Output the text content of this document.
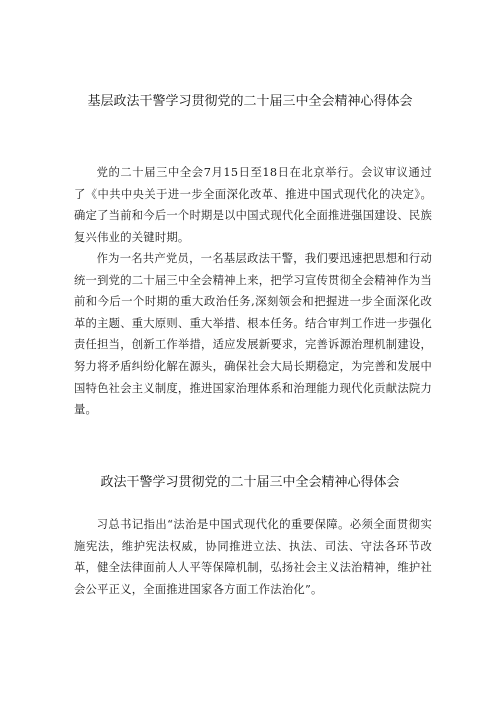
基层政法干警学习贯彻党的二十届三中全会精神心得体会

党的二十届三中全会7月15日至18日在北京举行。会议审议通过了《中共中央关于进一步全面深化改革、推进中国式现代化的决定》。确定了当前和今后一个时期是以中国式现代化全面推进强国建设、民族复兴伟业的关键时期。

作为一名共产党员，一名基层政法干警，我们要迅速把思想和行动统一到党的二十届三中全会精神上来，把学习宣传贯彻全会精神作为当前和今后一个时期的重大政治任务,深刻领会和把握进一步全面深化改革的主题、重大原则、重大举措、根本任务。结合审判工作进一步强化责任担当，创新工作举措，适应发展新要求，完善诉源治理机制建设，努力将矛盾纠纷化解在源头，确保社会大局长期稳定，为完善和发展中国特色社会主义制度，推进国家治理体系和治理能力现代化贡献法院力量。

政法干警学习贯彻党的二十届三中全会精神心得体会

习总书记指出“法治是中国式现代化的重要保障。必须全面贯彻实施宪法，维护宪法权威，协同推进立法、执法、司法、守法各环节改革，健全法律面前人人平等保障机制，弘扬社会主义法治精神，维护社会公平正义，全面推进国家各方面工作法治化”。
